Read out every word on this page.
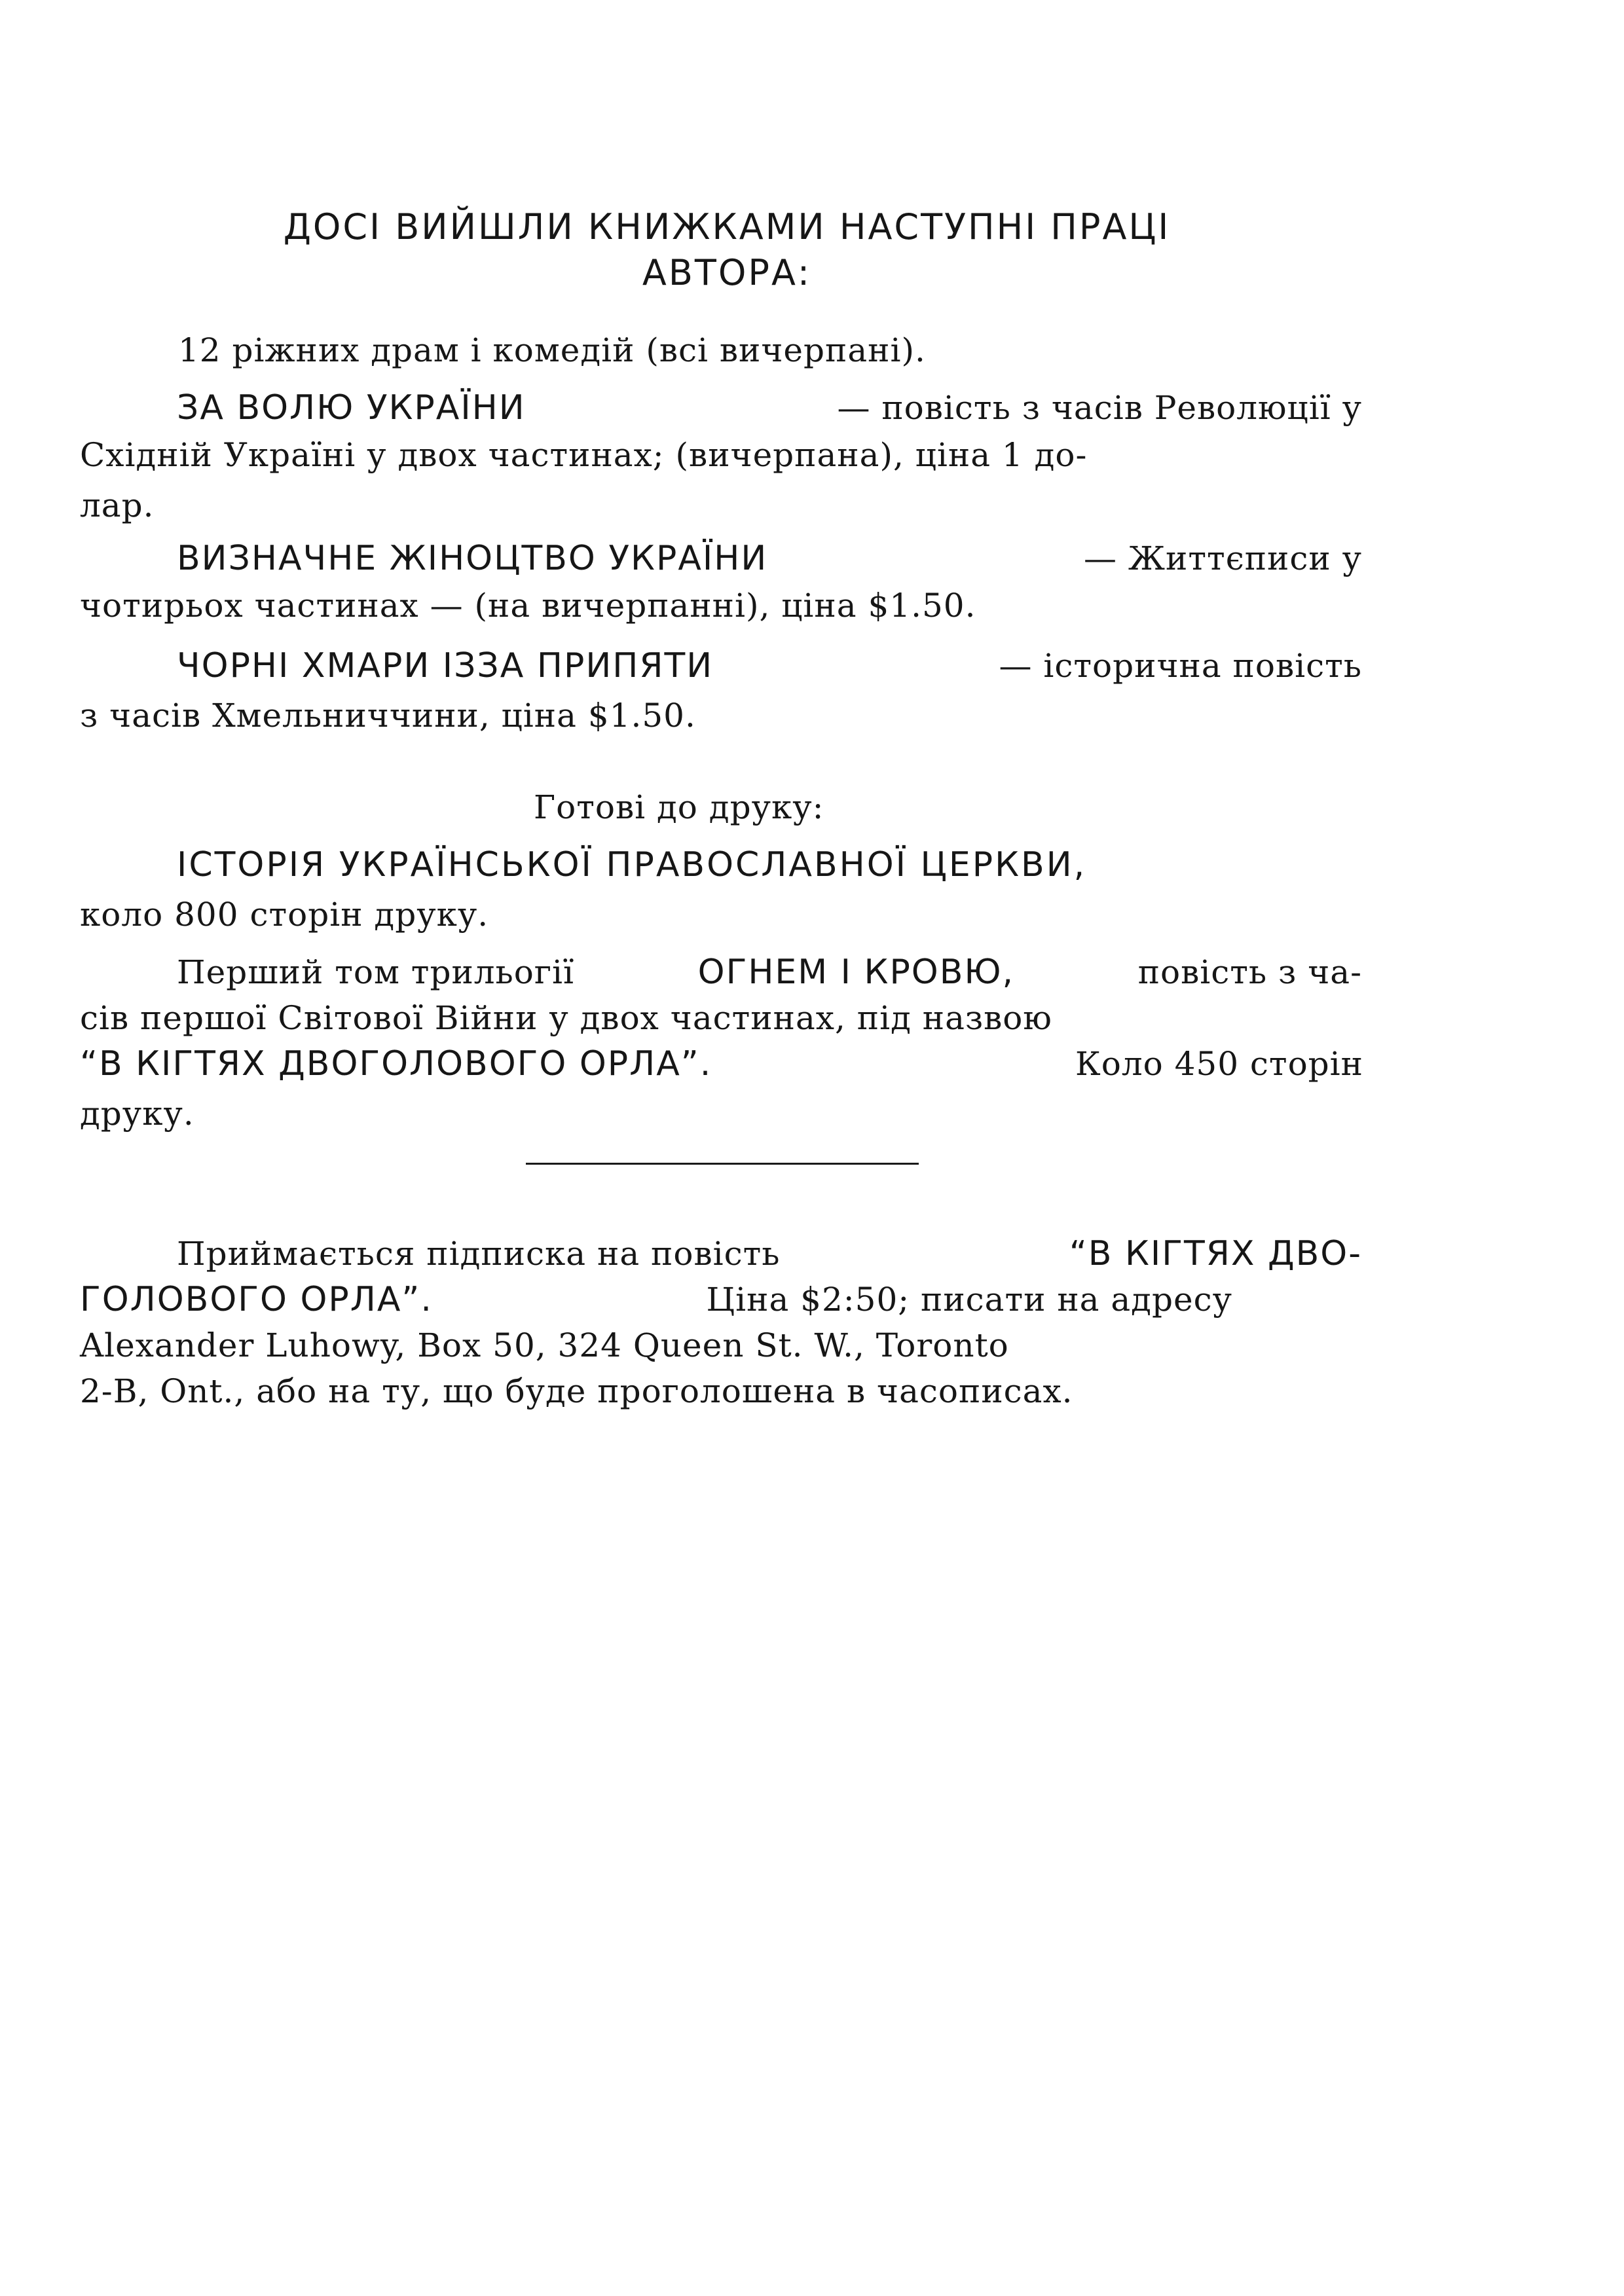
ДОСІ ВИЙШЛИ КНИЖКАМИ НАСТУПНІ ПРАЦІ
АВТОРА:
12 ріжних драм і комедій (всі вичерпані).
ЗА ВОЛЮ УКРАЇНИ	— повість з часів Революції у
Східній Україні у двох частинах; (вичерпана), ціна 1 до-
лар.
ВИЗНАЧНЕ ЖІНОЦТВО УКРАЇНИ	— Життєписи у
чотирьох частинах — (на вичерпанні), ціна $1.50.
ЧОРНІ ХМАРИ ІЗЗА ПРИПЯТИ	— історична повість
з часів Хмельниччини, ціна $1.50.
Готові до друку:
ІСТОРІЯ УКРАЇНСЬКОЇ ПРАВОСЛАВНОЇ ЦЕРКВИ,
коло 800 сторін друку.
Перший том трильогії	ОГНЕМ І КРОВЮ,	повість з ча-
сів першої Світової Війни у двох частинах, під назвою
“В КІГТЯХ ДВОГОЛОВОГО ОРЛА”.	Коло 450 сторін
друку.
Приймається підписка на повість	“В КІГТЯХ ДВО-
ГОЛОВОГО ОРЛА”.	Ціна $2:50; писати на адресу
Alexander Luhowy, Box 50, 324 Queen St. W., Toronto
2-B, Ont., або на ту, що буде проголошена в часописах.
